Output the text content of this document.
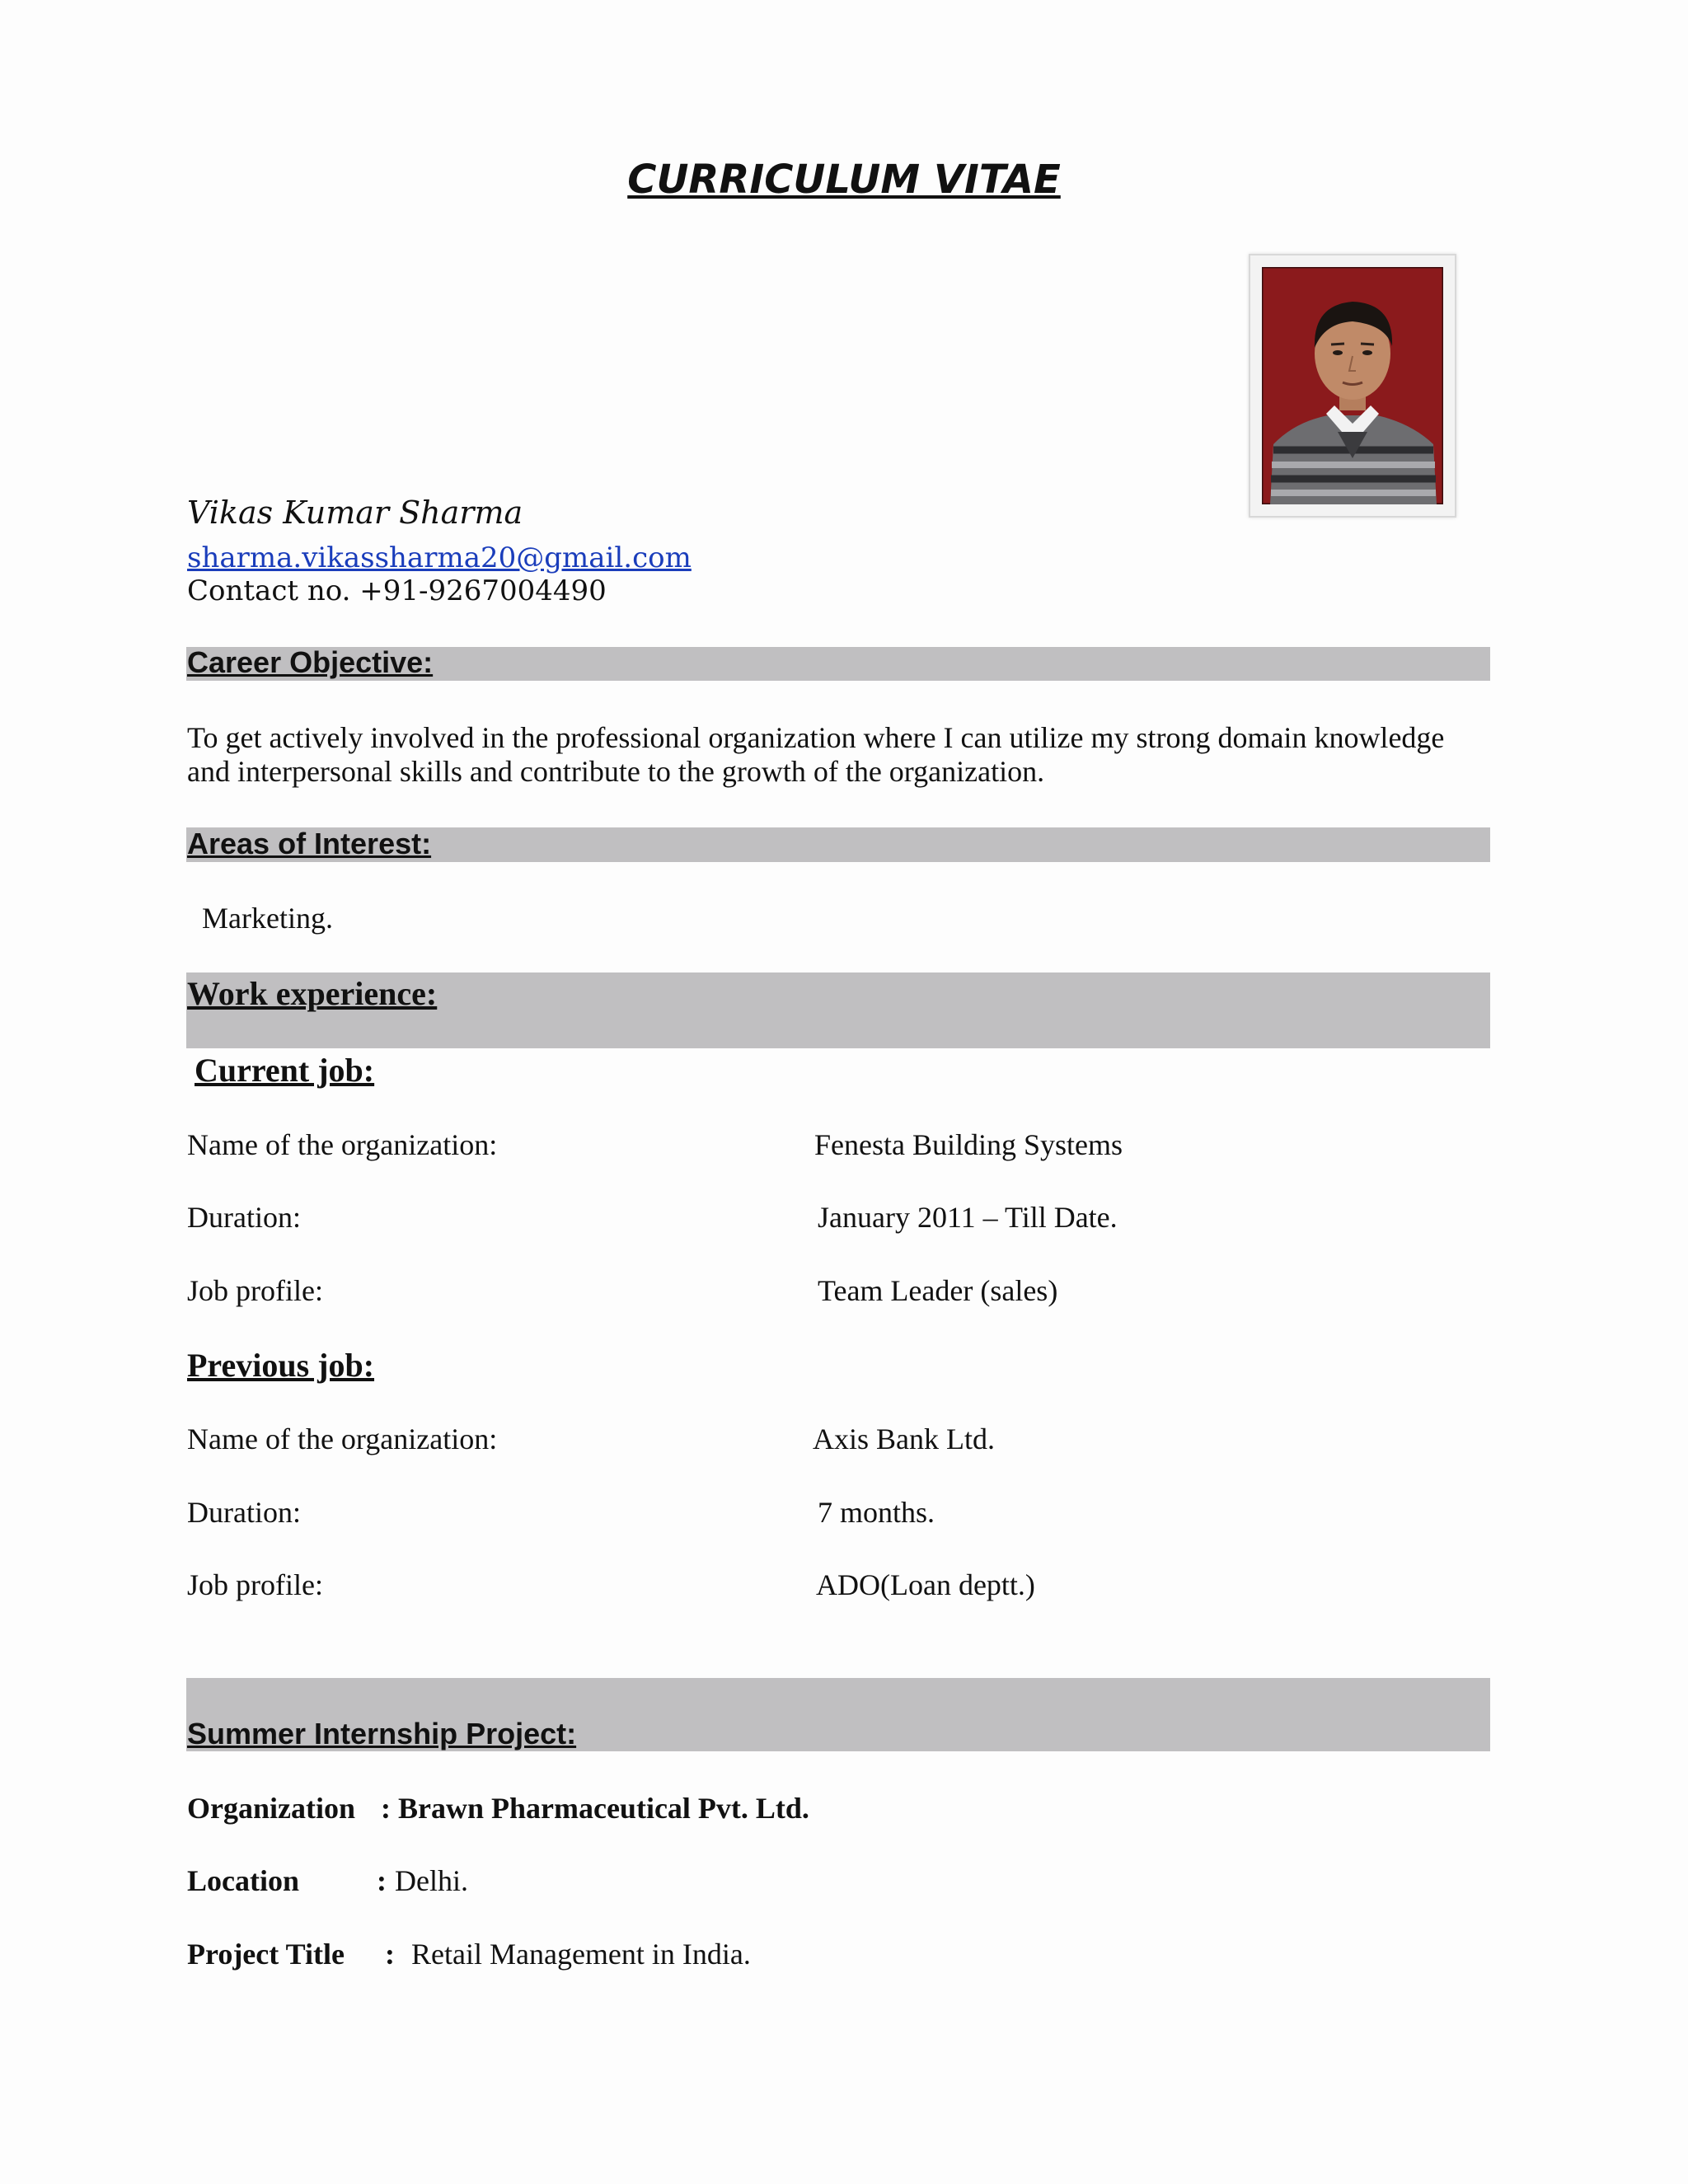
CURRICULUM VITAE
Vikas Kumar Sharma
sharma.vikassharma20@gmail.com
Contact no. +91-9267004490
Career Objective:
To get actively involved in the professional organization where I can utilize my strong domain knowledge
and interpersonal skills and contribute to the growth of the organization.
Areas of Interest:
Marketing.
Work experience:
Current job:
Name of the organization:	Fenesta Building Systems
Duration:	January 2011 – Till Date.
Job profile:	Team Leader (sales)
Previous job:
Name of the organization:	Axis Bank Ltd.
Duration:	7 months.
Job profile:	ADO(Loan deptt.)
Summer Internship Project:
Organization : Brawn Pharmaceutical Pvt. Ltd.
Location	: Delhi.
Project Title : Retail Management in India.
